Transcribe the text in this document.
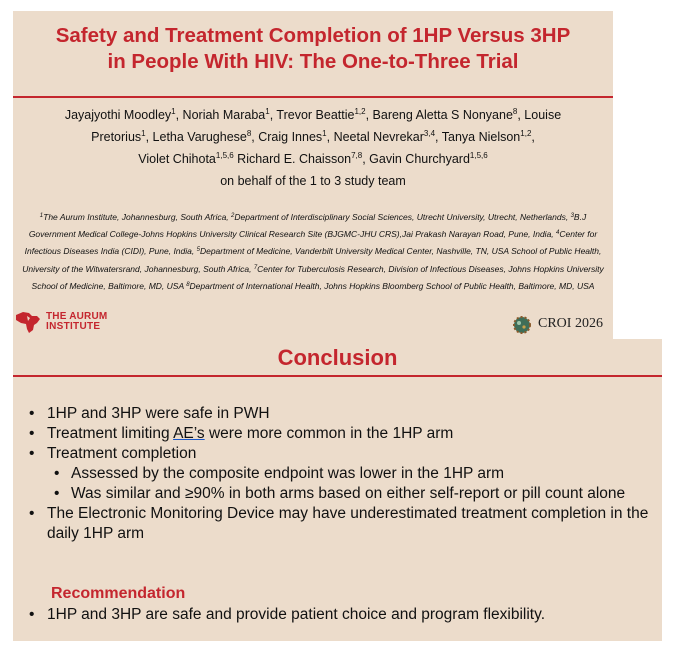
Safety and Treatment Completion of 1HP Versus 3HP
in People With HIV: The One-to-Three Trial
Jayajyothi Moodley$^1$, Noriah Maraba$^1$, Trevor Beattie$^{1,2}$, Bareng Aletta S Nonyane$^8$, Louise
Pretorius$^1$, Letha Varughese$^8$, Craig Innes$^1$, Neetal Nevrekar$^{3,4}$, Tanya Nielson$^{1,2}$,
Violet Chihota$^{1,5,6}$ Richard E. Chaisson$^{7,8}$, Gavin Churchyard$^{1,5,6}$
on behalf of the 1 to 3 study team
$^1$The Aurum Institute, Johannesburg, South Africa, $^2$Department of Interdisciplinary Social Sciences, Utrecht University, Utrecht, Netherlands, $^3$B.J Government Medical College-Johns Hopkins University Clinical Research Site (BJGMC-JHU CRS),Jai Prakash Narayan Road, Pune, India, $^4$Center for Infectious Diseases India (CIDI), Pune, India, $^5$Department of Medicine, Vanderbilt University Medical Center, Nashville, TN, USA School of Public Health, University of the Witwatersrand, Johannesburg, South Africa, $^7$Center for Tuberculosis Research, Division of Infectious Diseases, Johns Hopkins University School of Medicine, Baltimore, MD, USA $^8$Department of International Health, Johns Hopkins Bloomberg School of Public Health, Baltimore, MD, USA
THE AURUM
INSTITUTE	CROI 2026
Conclusion
• 1HP and 3HP were safe in PWH
• Treatment limiting AE’s were more common in the 1HP arm
• Treatment completion
• Assessed by the composite endpoint was lower in the 1HP arm
• Was similar and ≥90% in both arms based on either self-report or pill count alone
• The Electronic Monitoring Device may have underestimated treatment completion in the daily 1HP arm
Recommendation
• 1HP and 3HP are safe and provide patient choice and program flexibility.
